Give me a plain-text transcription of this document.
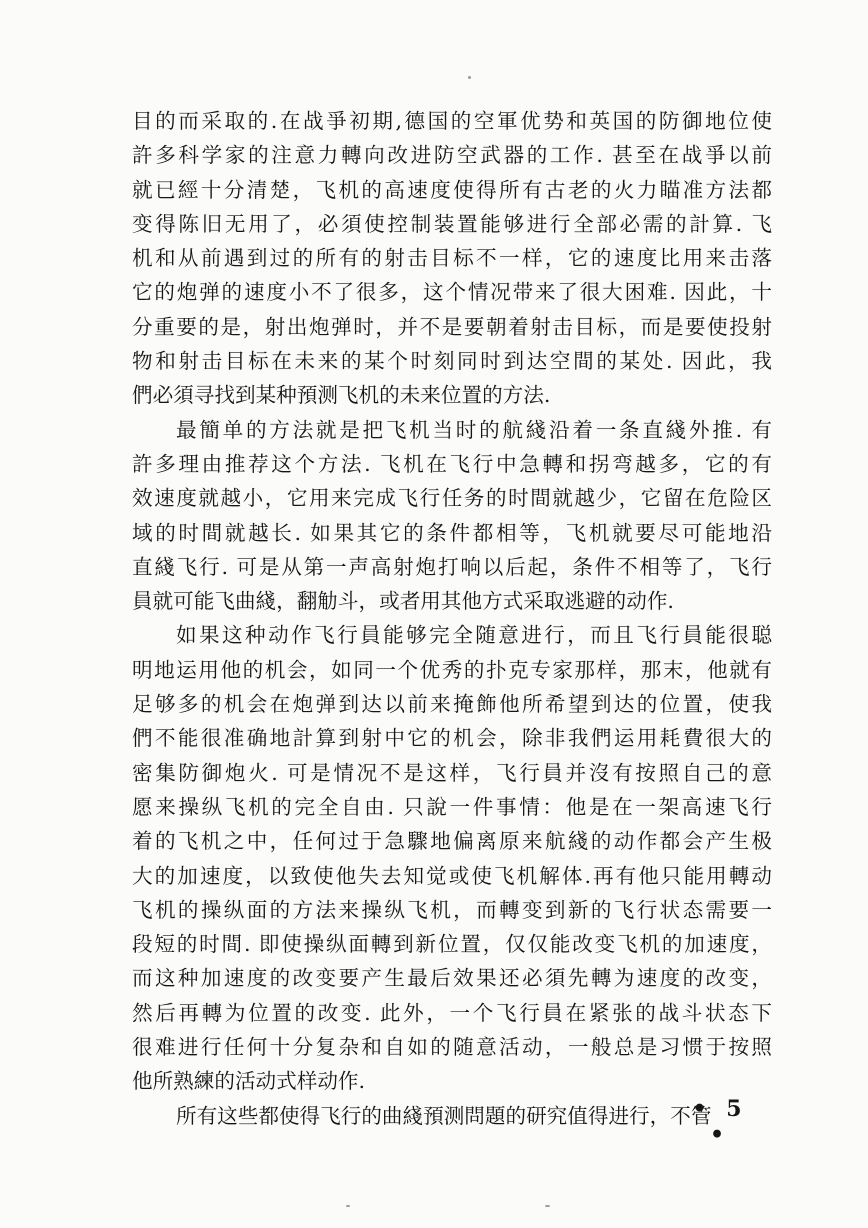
目的而采取的.在战爭初期,德国的空軍优势和英国的防御地位使
許多科学家的注意力轉向改进防空武器的工作. 甚至在战爭以前
就已經十分清楚，飞机的高速度使得所有古老的火力瞄准方法都
变得陈旧无用了，必須使控制装置能够进行全部必需的計算. 飞
机和从前遇到过的所有的射击目标不一样，它的速度比用来击落
它的炮弹的速度小不了很多，这个情况带来了很大困难. 因此，十
分重要的是，射出炮弹时，并不是要朝着射击目标，而是要使投射
物和射击目标在未来的某个时刻同时到达空間的某处. 因此，我
們必須寻找到某种預测飞机的未来位置的方法.
最簡单的方法就是把飞机当时的航綫沿着一条直綫外推. 有
許多理由推荐这个方法. 飞机在飞行中急轉和拐弯越多，它的有
效速度就越小，它用来完成飞行任务的时間就越少，它留在危险区
域的时間就越长. 如果其它的条件都相等，飞机就要尽可能地沿
直綫飞行. 可是从第一声高射炮打响以后起，条件不相等了，飞行
員就可能飞曲綫，翻觔斗，或者用其他方式采取逃避的动作.
如果这种动作飞行員能够完全随意进行，而且飞行員能很聪
明地运用他的机会，如同一个优秀的扑克专家那样，那末，他就有
足够多的机会在炮弹到达以前来掩飾他所希望到达的位置，使我
們不能很准确地計算到射中它的机会，除非我們运用耗費很大的
密集防御炮火. 可是情况不是这样，飞行員并沒有按照自己的意
愿来操纵飞机的完全自由. 只說一件事情：他是在一架高速飞行
着的飞机之中，任何过于急驟地偏离原来航綫的动作都会产生极
大的加速度，以致使他失去知觉或使飞机解体.再有他只能用轉动
飞机的操纵面的方法来操纵飞机，而轉变到新的飞行状态需要一
段短的时間. 即使操纵面轉到新位置，仅仅能改变飞机的加速度，
而这种加速度的改变要产生最后效果还必須先轉为速度的改变，
然后再轉为位置的改变. 此外，一个飞行員在紧张的战斗状态下
很难进行任何十分复杂和自如的随意活动，一般总是习惯于按照
他所熟練的活动式样动作.
所有这些都使得飞行的曲綫預测問題的研究值得进行，不管
• 5 •
